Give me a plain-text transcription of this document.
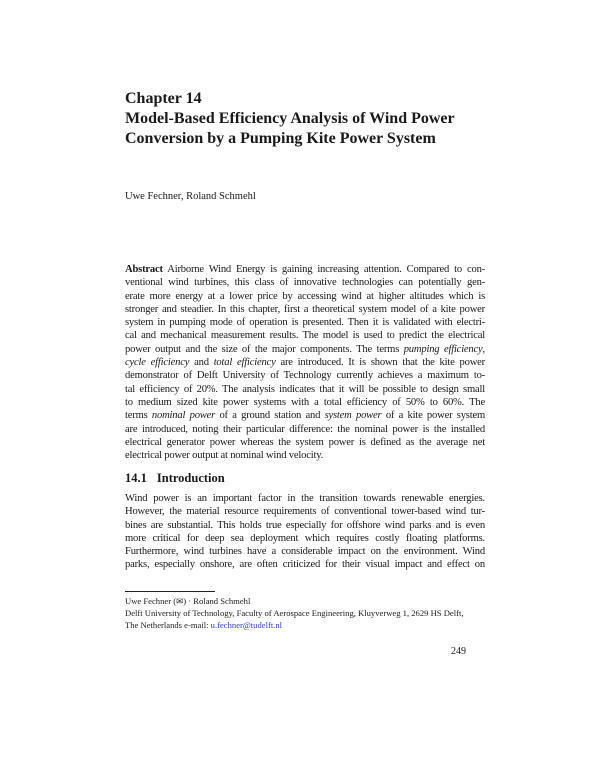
Chapter 14
Model-Based Efficiency Analysis of Wind Power
Conversion by a Pumping Kite Power System
Uwe Fechner, Roland Schmehl
Abstract Airborne Wind Energy is gaining increasing attention. Compared to con-
ventional wind turbines, this class of innovative technologies can potentially gen-
erate more energy at a lower price by accessing wind at higher altitudes which is
stronger and steadier. In this chapter, first a theoretical system model of a kite power
system in pumping mode of operation is presented. Then it is validated with electri-
cal and mechanical measurement results. The model is used to predict the electrical
power output and the size of the major components. The terms pumping efficiency,
cycle efficiency and total efficiency are introduced. It is shown that the kite power
demonstrator of Delft University of Technology currently achieves a maximum to-
tal efficiency of 20%. The analysis indicates that it will be possible to design small
to medium sized kite power systems with a total efficiency of 50% to 60%. The
terms nominal power of a ground station and system power of a kite power system
are introduced, noting their particular difference: the nominal power is the installed
electrical generator power whereas the system power is defined as the average net
electrical power output at nominal wind velocity.
14.1 Introduction
Wind power is an important factor in the transition towards renewable energies.
However, the material resource requirements of conventional tower-based wind tur-
bines are substantial. This holds true especially for offshore wind parks and is even
more critical for deep sea deployment which requires costly floating platforms.
Furthermore, wind turbines have a considerable impact on the environment. Wind
parks, especially onshore, are often criticized for their visual impact and effect on
Uwe Fechner (✉) · Roland Schmehl
Delft University of Technology, Faculty of Aerospace Engineering, Kluyverweg 1, 2629 HS Delft,
The Netherlands e-mail: u.fechner@tudelft.nl
249
